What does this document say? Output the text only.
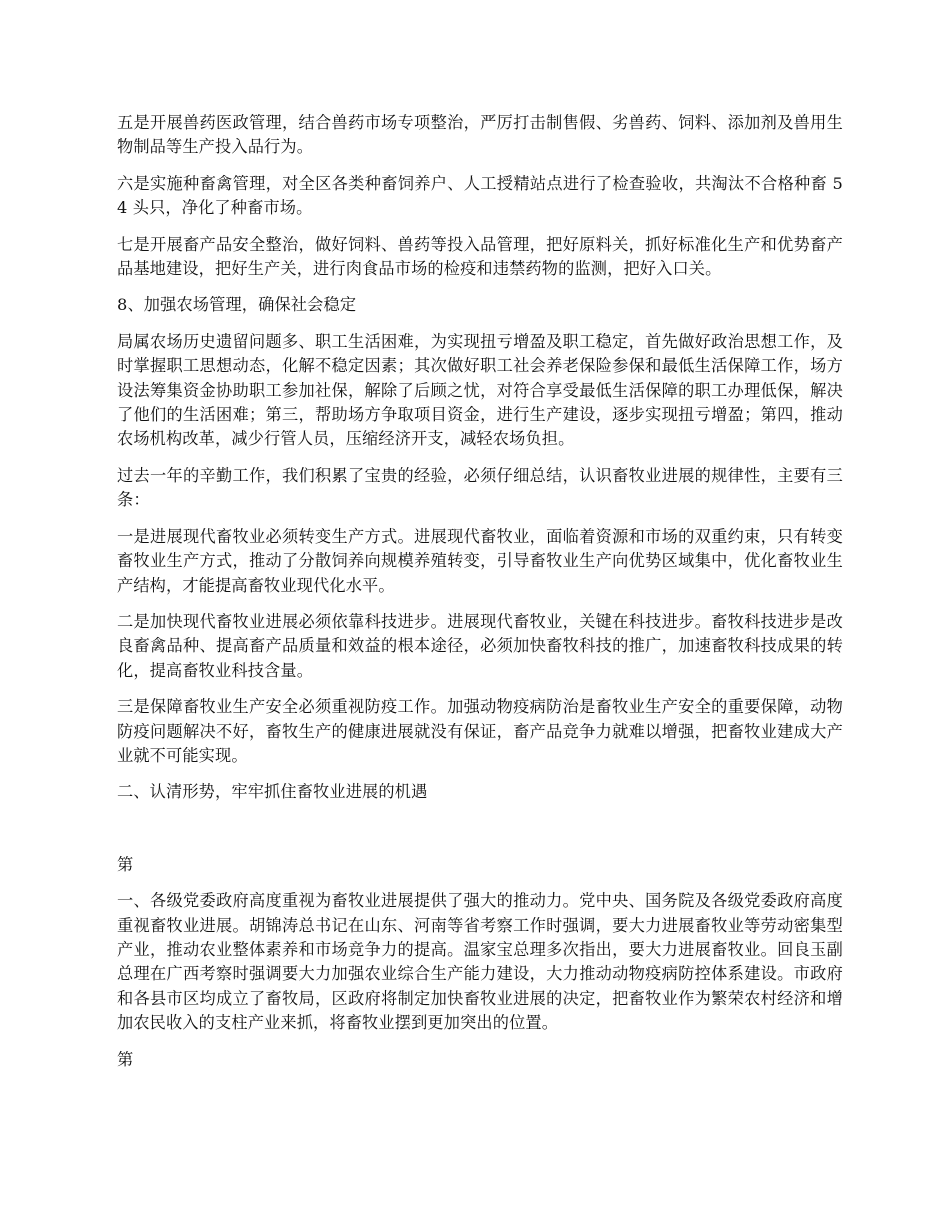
五是开展兽药医政管理，结合兽药市场专项整治，严厉打击制售假、劣兽药、饲料、添加剂及兽用生物制品等生产投入品行为。

六是实施种畜禽管理，对全区各类种畜饲养户、人工授精站点进行了检查验收，共淘汰不合格种畜 54 头只，净化了种畜市场。

七是开展畜产品安全整治，做好饲料、兽药等投入品管理，把好原料关，抓好标准化生产和优势畜产品基地建设，把好生产关，进行肉食品市场的检疫和违禁药物的监测，把好入口关。

8、加强农场管理，确保社会稳定

局属农场历史遗留问题多、职工生活困难，为实现扭亏增盈及职工稳定，首先做好政治思想工作，及时掌握职工思想动态，化解不稳定因素；其次做好职工社会养老保险参保和最低生活保障工作，场方设法筹集资金协助职工参加社保，解除了后顾之忧，对符合享受最低生活保障的职工办理低保，解决了他们的生活困难；第三，帮助场方争取项目资金，进行生产建设，逐步实现扭亏增盈；第四，推动农场机构改革，减少行管人员，压缩经济开支，减轻农场负担。

过去一年的辛勤工作，我们积累了宝贵的经验，必须仔细总结，认识畜牧业进展的规律性，主要有三条：

一是进展现代畜牧业必须转变生产方式。进展现代畜牧业，面临着资源和市场的双重约束，只有转变畜牧业生产方式，推动了分散饲养向规模养殖转变，引导畜牧业生产向优势区域集中，优化畜牧业生产结构，才能提高畜牧业现代化水平。

二是加快现代畜牧业进展必须依靠科技进步。进展现代畜牧业，关键在科技进步。畜牧科技进步是改良畜禽品种、提高畜产品质量和效益的根本途径，必须加快畜牧科技的推广，加速畜牧科技成果的转化，提高畜牧业科技含量。

三是保障畜牧业生产安全必须重视防疫工作。加强动物疫病防治是畜牧业生产安全的重要保障，动物防疫问题解决不好，畜牧生产的健康进展就没有保证，畜产品竞争力就难以增强，把畜牧业建成大产业就不可能实现。

二、认清形势，牢牢抓住畜牧业进展的机遇

第

一、各级党委政府高度重视为畜牧业进展提供了强大的推动力。党中央、国务院及各级党委政府高度重视畜牧业进展。胡锦涛总书记在山东、河南等省考察工作时强调，要大力进展畜牧业等劳动密集型产业，推动农业整体素养和市场竞争力的提高。温家宝总理多次指出，要大力进展畜牧业。回良玉副总理在广西考察时强调要大力加强农业综合生产能力建设，大力推动动物疫病防控体系建设。市政府和各县市区均成立了畜牧局，区政府将制定加快畜牧业进展的决定，把畜牧业作为繁荣农村经济和增加农民收入的支柱产业来抓，将畜牧业摆到更加突出的位置。

第
